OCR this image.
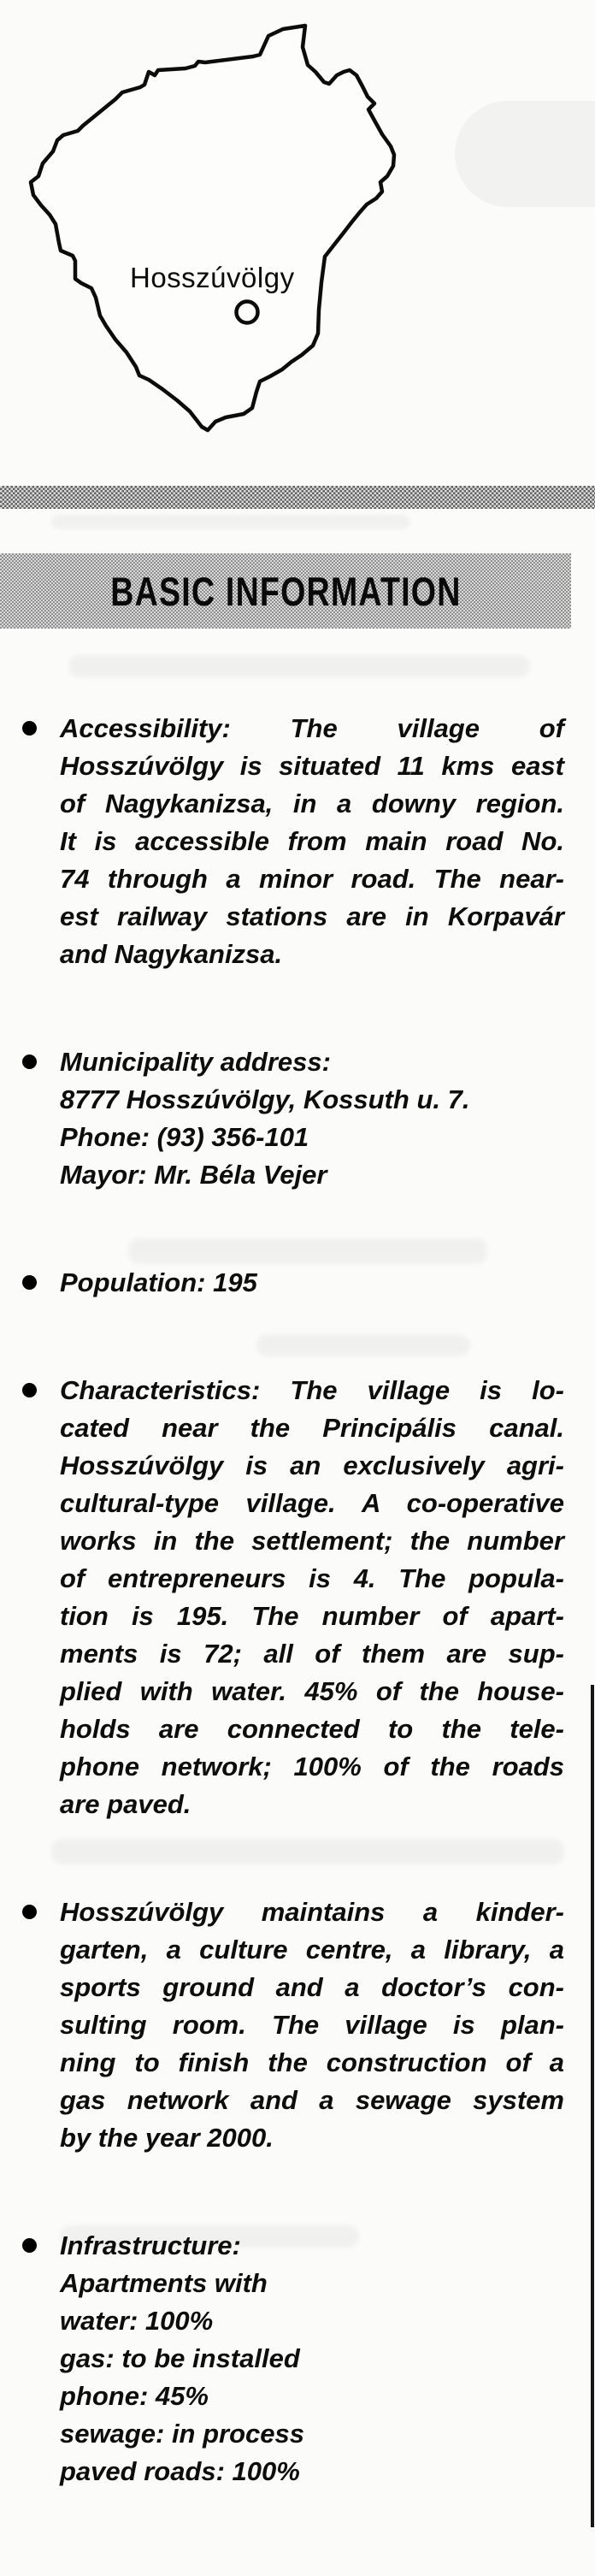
Hosszúvölgy
BASIC INFORMATION
Accessibility: The village of
Hosszúvölgy is situated 11 kms east
of Nagykanizsa, in a downy region.
It is accessible from main road No.
74 through a minor road. The near-
est railway stations are in Korpavár
and Nagykanizsa.
Municipality address:
8777 Hosszúvölgy, Kossuth u. 7.
Phone: (93) 356-101
Mayor: Mr. Béla Vejer
Population: 195
Characteristics: The village is lo-
cated near the Principális canal.
Hosszúvölgy is an exclusively agri-
cultural-type village. A co-operative
works in the settlement; the number
of entrepreneurs is 4. The popula-
tion is 195. The number of apart-
ments is 72; all of them are sup-
plied with water. 45% of the house-
holds are connected to the tele-
phone network; 100% of the roads
are paved.
Hosszúvölgy maintains a kinder-
garten, a culture centre, a library, a
sports ground and a doctor’s con-
sulting room. The village is plan-
ning to finish the construction of a
gas network and a sewage system
by the year 2000.
Infrastructure:
Apartments with
water: 100%
gas: to be installed
phone: 45%
sewage: in process
paved roads: 100%
